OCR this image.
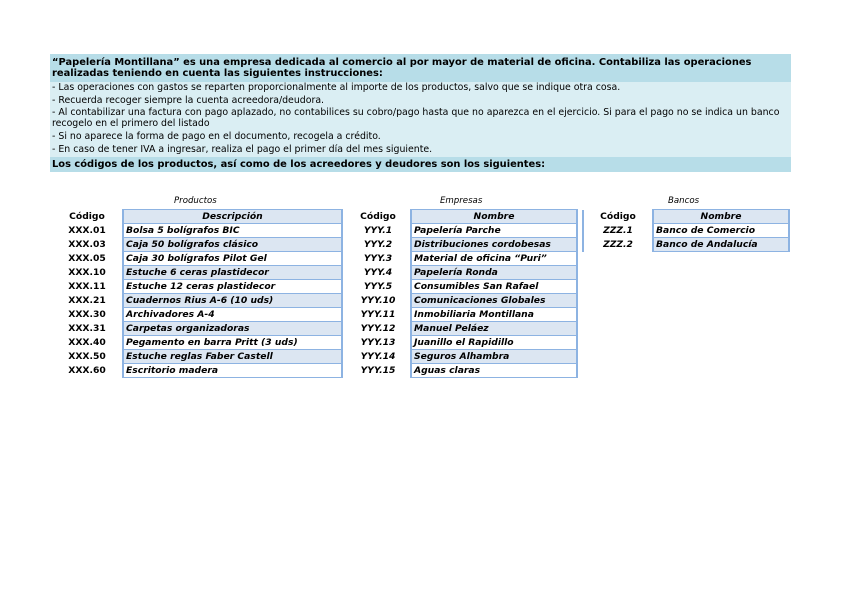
“Papelería Montillana” es una empresa dedicada al comercio al por mayor de material de oficina. Contabiliza las operaciones realizadas teniendo en cuenta las siguientes instrucciones:
- Las operaciones con gastos se reparten proporcionalmente al importe de los productos, salvo que se indique otra cosa.
- Recuerda recoger siempre la cuenta acreedora/deudora.
- Al contabilizar una factura con pago aplazado, no contabilices su cobro/pago hasta que no aparezca en el ejercicio. Si para el pago no se indica un banco recogelo en el primero del listado
- Si no aparece la forma de pago en el documento, recogela a crédito.
- En caso de tener IVA a ingresar, realiza el pago el primer día del mes siguiente.
Los códigos de los productos, así como de los acreedores y deudores son los siguientes:
Productos	Empresas	Bancos
Código	Descripción
XXX.01	Bolsa 5 bolígrafos BIC
XXX.03	Caja 50 bolígrafos clásico
XXX.05	Caja 30 bolígrafos Pilot Gel
XXX.10	Estuche 6 ceras plastidecor
XXX.11	Estuche 12 ceras plastidecor
XXX.21	Cuadernos Rius A-6 (10 uds)
XXX.30	Archivadores A-4
XXX.31	Carpetas organizadoras
XXX.40	Pegamento en barra Pritt (3 uds)
XXX.50	Estuche reglas Faber Castell
XXX.60	Escritorio madera
Código	Nombre
YYY.1	Papelería Parche
YYY.2	Distribuciones cordobesas
YYY.3	Material de oficina “Puri”
YYY.4	Papelería Ronda
YYY.5	Consumibles San Rafael
YYY.10	Comunicaciones Globales
YYY.11	Inmobiliaria Montillana
YYY.12	Manuel Peláez
YYY.13	Juanillo el Rapidillo
YYY.14	Seguros Alhambra
YYY.15	Aguas claras
Código	Nombre
ZZZ.1	Banco de Comercio
ZZZ.2	Banco de Andalucía
